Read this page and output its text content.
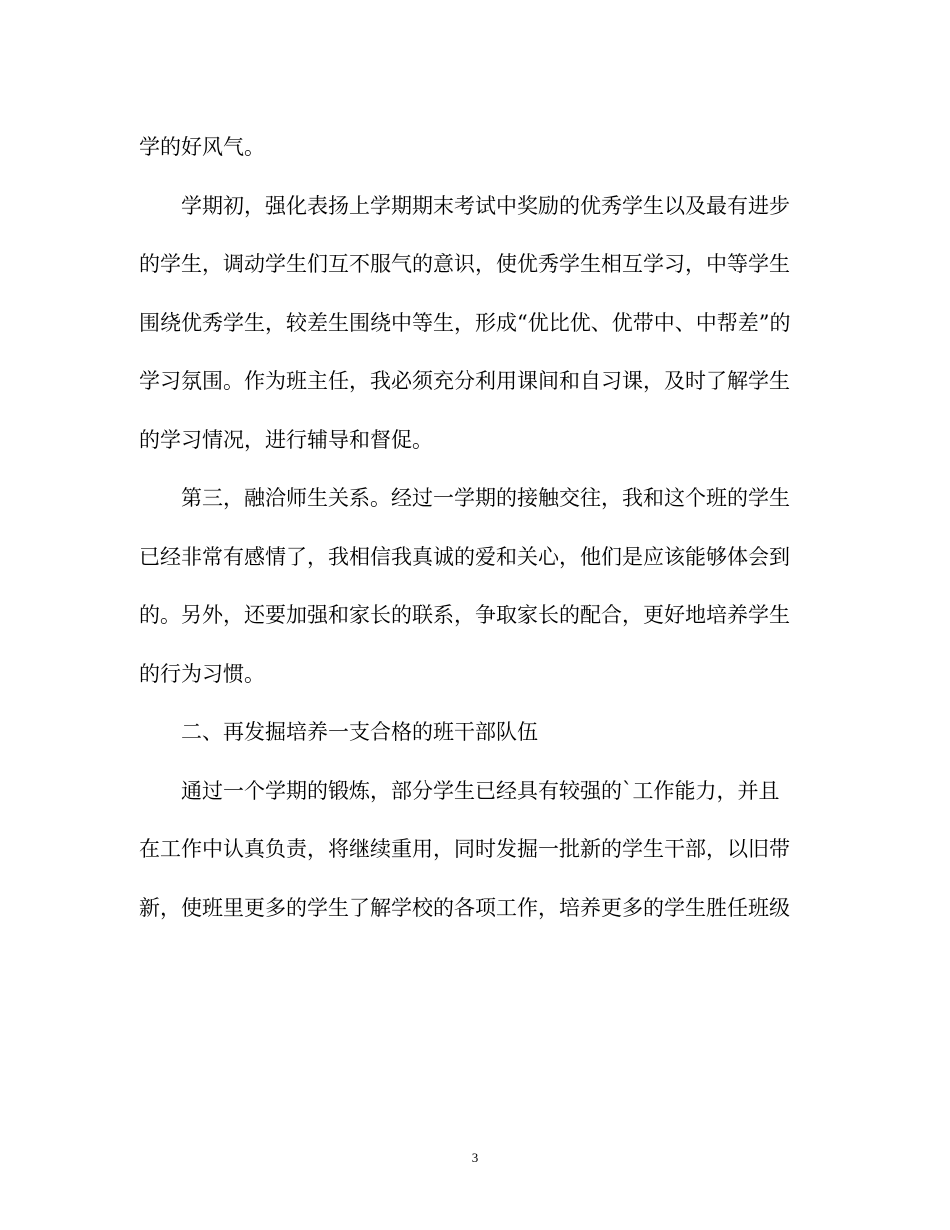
学的好风气。
学期初，强化表扬上学期期末考试中奖励的优秀学生以及最有进步
的学生，调动学生们互不服气的意识，使优秀学生相互学习，中等学生
围绕优秀学生，较差生围绕中等生，形成“优比优、优带中、中帮差”的
学习氛围。作为班主任，我必须充分利用课间和自习课，及时了解学生
的学习情况，进行辅导和督促。
第三，融洽师生关系。经过一学期的接触交往，我和这个班的学生
已经非常有感情了，我相信我真诚的爱和关心，他们是应该能够体会到
的。另外，还要加强和家长的联系，争取家长的配合，更好地培养学生
的行为习惯。
二、再发掘培养一支合格的班干部队伍
通过一个学期的锻炼，部分学生已经具有较强的`工作能力，并且
在工作中认真负责，将继续重用，同时发掘一批新的学生干部，以旧带
新，使班里更多的学生了解学校的各项工作，培养更多的学生胜任班级
3
